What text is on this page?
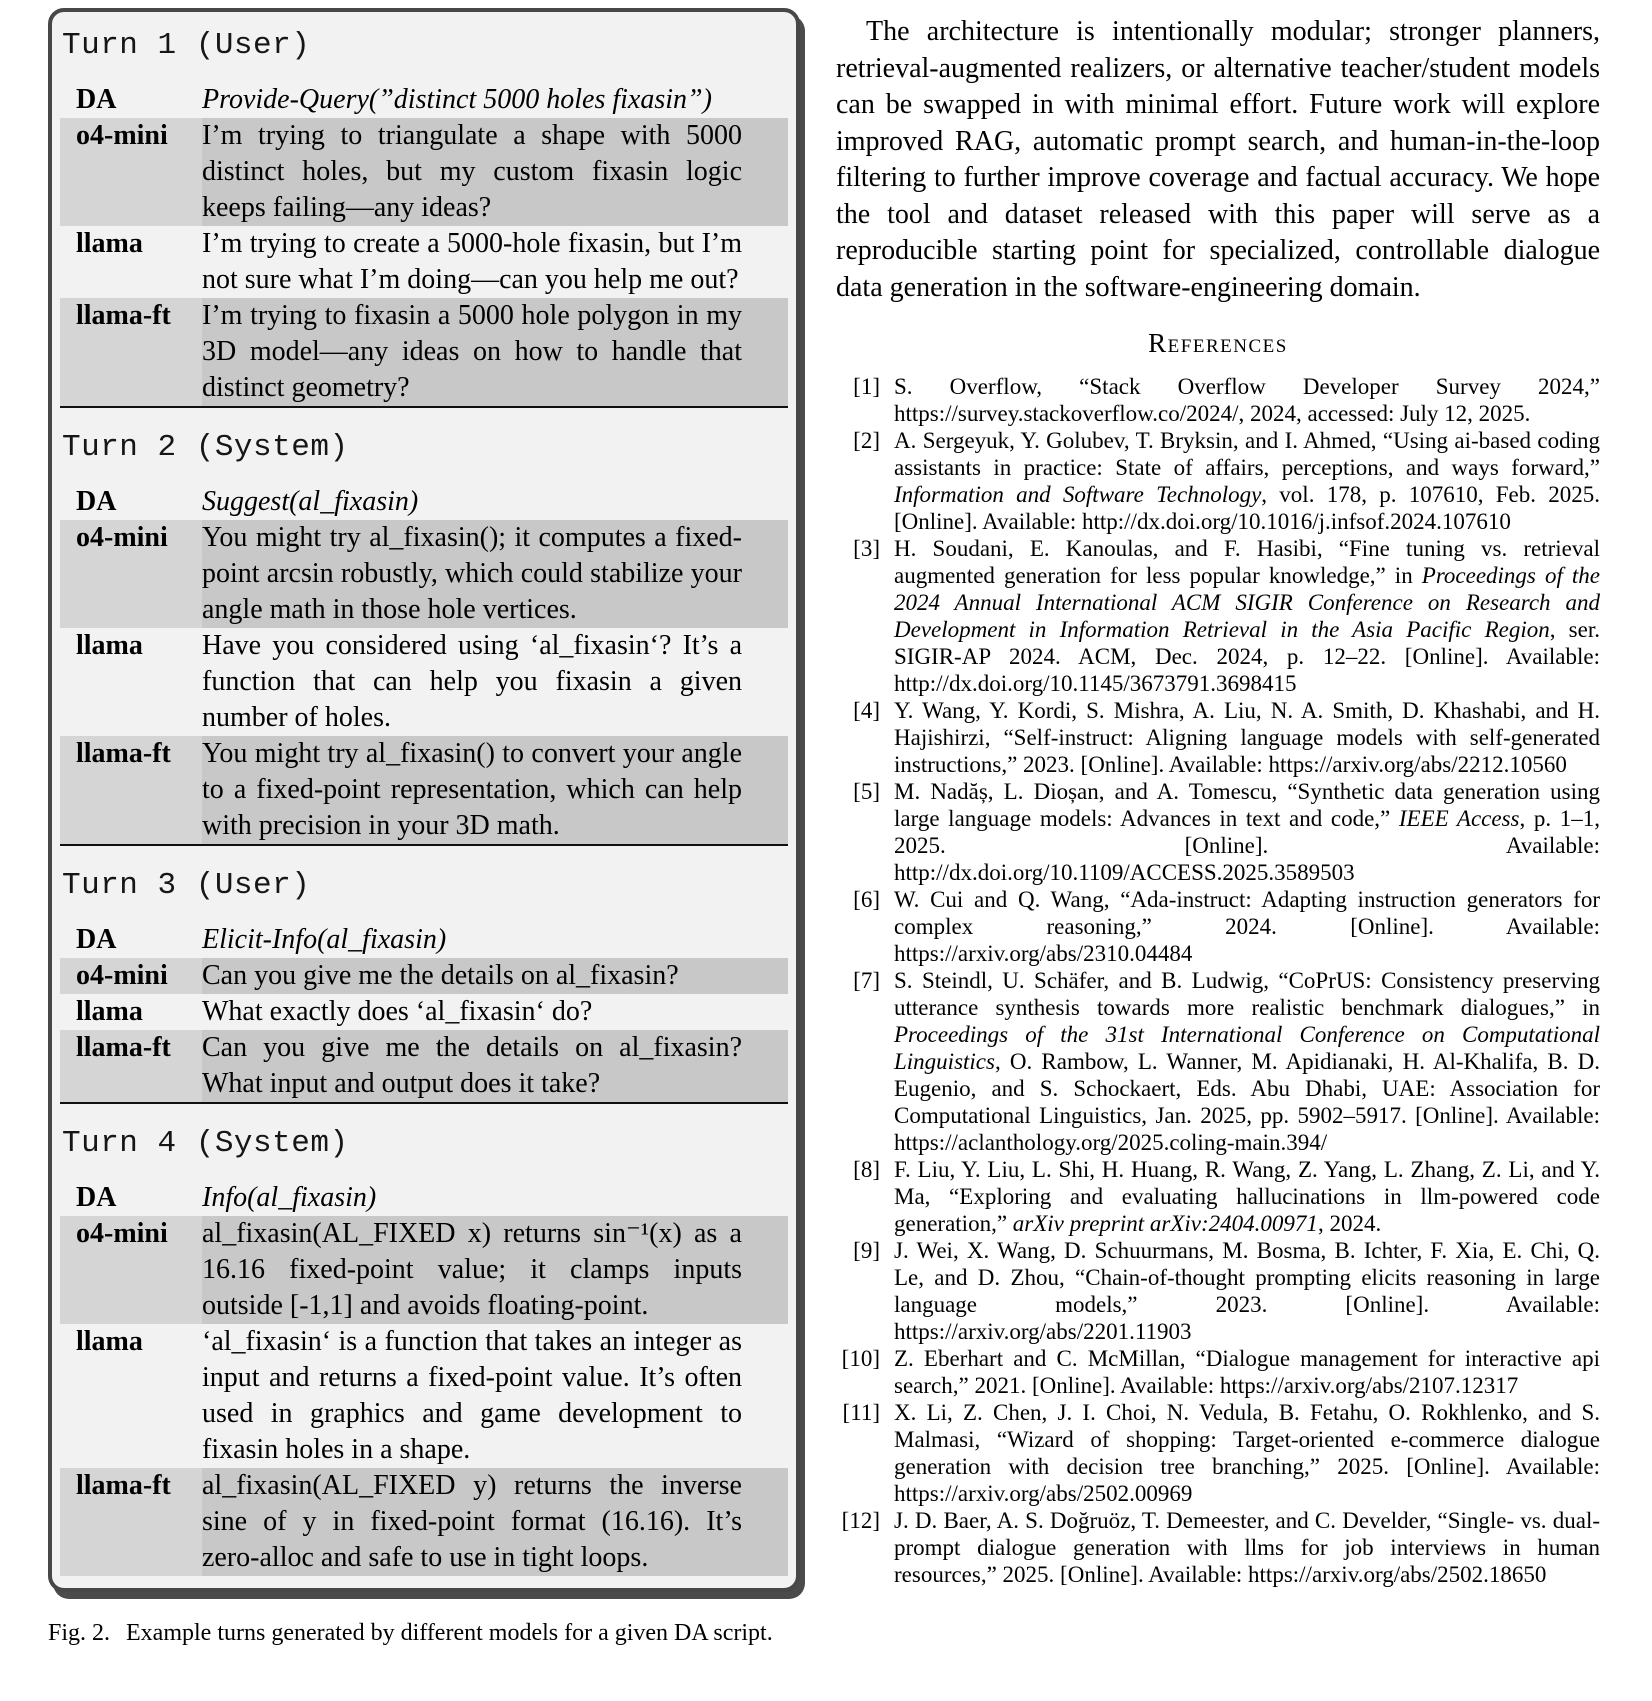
Turn 1 (User)
DA	Provide-Query(”distinct 5000 holes fixasin”)
o4-mini	I’m trying to triangulate a shape with 5000 distinct holes, but my custom fixasin logic keeps failing—any ideas?
llama	I’m trying to create a 5000-hole fixasin, but I’m not sure what I’m doing—can you help me out?
llama-ft	I’m trying to fixasin a 5000 hole polygon in my 3D model—any ideas on how to handle that distinct geometry?
Turn 2 (System)
DA	Suggest(al_fixasin)
o4-mini	You might try al_fixasin(); it computes a fixed-point arcsin robustly, which could stabilize your angle math in those hole vertices.
llama	Have you considered using ‘al_fixasin‘? It’s a function that can help you fixasin a given number of holes.
llama-ft	You might try al_fixasin() to convert your angle to a fixed-point representation, which can help with precision in your 3D math.
Turn 3 (User)
DA	Elicit-Info(al_fixasin)
o4-mini	Can you give me the details on al_fixasin?
llama	What exactly does ‘al_fixasin‘ do?
llama-ft	Can you give me the details on al_fixasin? What input and output does it take?
Turn 4 (System)
DA	Info(al_fixasin)
o4-mini	al_fixasin(AL_FIXED x) returns sin⁻¹(x) as a 16.16 fixed-point value; it clamps inputs outside [-1,1] and avoids floating-point.
llama	‘al_fixasin‘ is a function that takes an integer as input and returns a fixed-point value. It’s often used in graphics and game development to fixasin holes in a shape.
llama-ft	al_fixasin(AL_FIXED y) returns the inverse sine of y in fixed-point format (16.16). It’s zero-alloc and safe to use in tight loops.
Fig. 2. Example turns generated by different models for a given DA script.

The architecture is intentionally modular; stronger planners, retrieval-augmented realizers, or alternative teacher/student models can be swapped in with minimal effort. Future work will explore improved RAG, automatic prompt search, and human-in-the-loop filtering to further improve coverage and factual accuracy. We hope the tool and dataset released with this paper will serve as a reproducible starting point for specialized, controllable dialogue data generation in the software-engineering domain.

References
[1] S. Overflow, “Stack Overflow Developer Survey 2024,” https://survey.stackoverflow.co/2024/, 2024, accessed: July 12, 2025.
[2] A. Sergeyuk, Y. Golubev, T. Bryksin, and I. Ahmed, “Using ai-based coding assistants in practice: State of affairs, perceptions, and ways forward,” Information and Software Technology, vol. 178, p. 107610, Feb. 2025. [Online]. Available: http://dx.doi.org/10.1016/j.infsof.2024.107610
[3] H. Soudani, E. Kanoulas, and F. Hasibi, “Fine tuning vs. retrieval augmented generation for less popular knowledge,” in Proceedings of the 2024 Annual International ACM SIGIR Conference on Research and Development in Information Retrieval in the Asia Pacific Region, ser. SIGIR-AP 2024. ACM, Dec. 2024, p. 12–22. [Online]. Available: http://dx.doi.org/10.1145/3673791.3698415
[4] Y. Wang, Y. Kordi, S. Mishra, A. Liu, N. A. Smith, D. Khashabi, and H. Hajishirzi, “Self-instruct: Aligning language models with self-generated instructions,” 2023. [Online]. Available: https://arxiv.org/abs/2212.10560
[5] M. Nadăș, L. Dioșan, and A. Tomescu, “Synthetic data generation using large language models: Advances in text and code,” IEEE Access, p. 1–1, 2025. [Online]. Available: http://dx.doi.org/10.1109/ACCESS.2025.3589503
[6] W. Cui and Q. Wang, “Ada-instruct: Adapting instruction generators for complex reasoning,” 2024. [Online]. Available: https://arxiv.org/abs/2310.04484
[7] S. Steindl, U. Schäfer, and B. Ludwig, “CoPrUS: Consistency preserving utterance synthesis towards more realistic benchmark dialogues,” in Proceedings of the 31st International Conference on Computational Linguistics, O. Rambow, L. Wanner, M. Apidianaki, H. Al-Khalifa, B. D. Eugenio, and S. Schockaert, Eds. Abu Dhabi, UAE: Association for Computational Linguistics, Jan. 2025, pp. 5902–5917. [Online]. Available: https://aclanthology.org/2025.coling-main.394/
[8] F. Liu, Y. Liu, L. Shi, H. Huang, R. Wang, Z. Yang, L. Zhang, Z. Li, and Y. Ma, “Exploring and evaluating hallucinations in llm-powered code generation,” arXiv preprint arXiv:2404.00971, 2024.
[9] J. Wei, X. Wang, D. Schuurmans, M. Bosma, B. Ichter, F. Xia, E. Chi, Q. Le, and D. Zhou, “Chain-of-thought prompting elicits reasoning in large language models,” 2023. [Online]. Available: https://arxiv.org/abs/2201.11903
[10] Z. Eberhart and C. McMillan, “Dialogue management for interactive api search,” 2021. [Online]. Available: https://arxiv.org/abs/2107.12317
[11] X. Li, Z. Chen, J. I. Choi, N. Vedula, B. Fetahu, O. Rokhlenko, and S. Malmasi, “Wizard of shopping: Target-oriented e-commerce dialogue generation with decision tree branching,” 2025. [Online]. Available: https://arxiv.org/abs/2502.00969
[12] J. D. Baer, A. S. Doğruöz, T. Demeester, and C. Develder, “Single- vs. dual-prompt dialogue generation with llms for job interviews in human resources,” 2025. [Online]. Available: https://arxiv.org/abs/2502.18650
